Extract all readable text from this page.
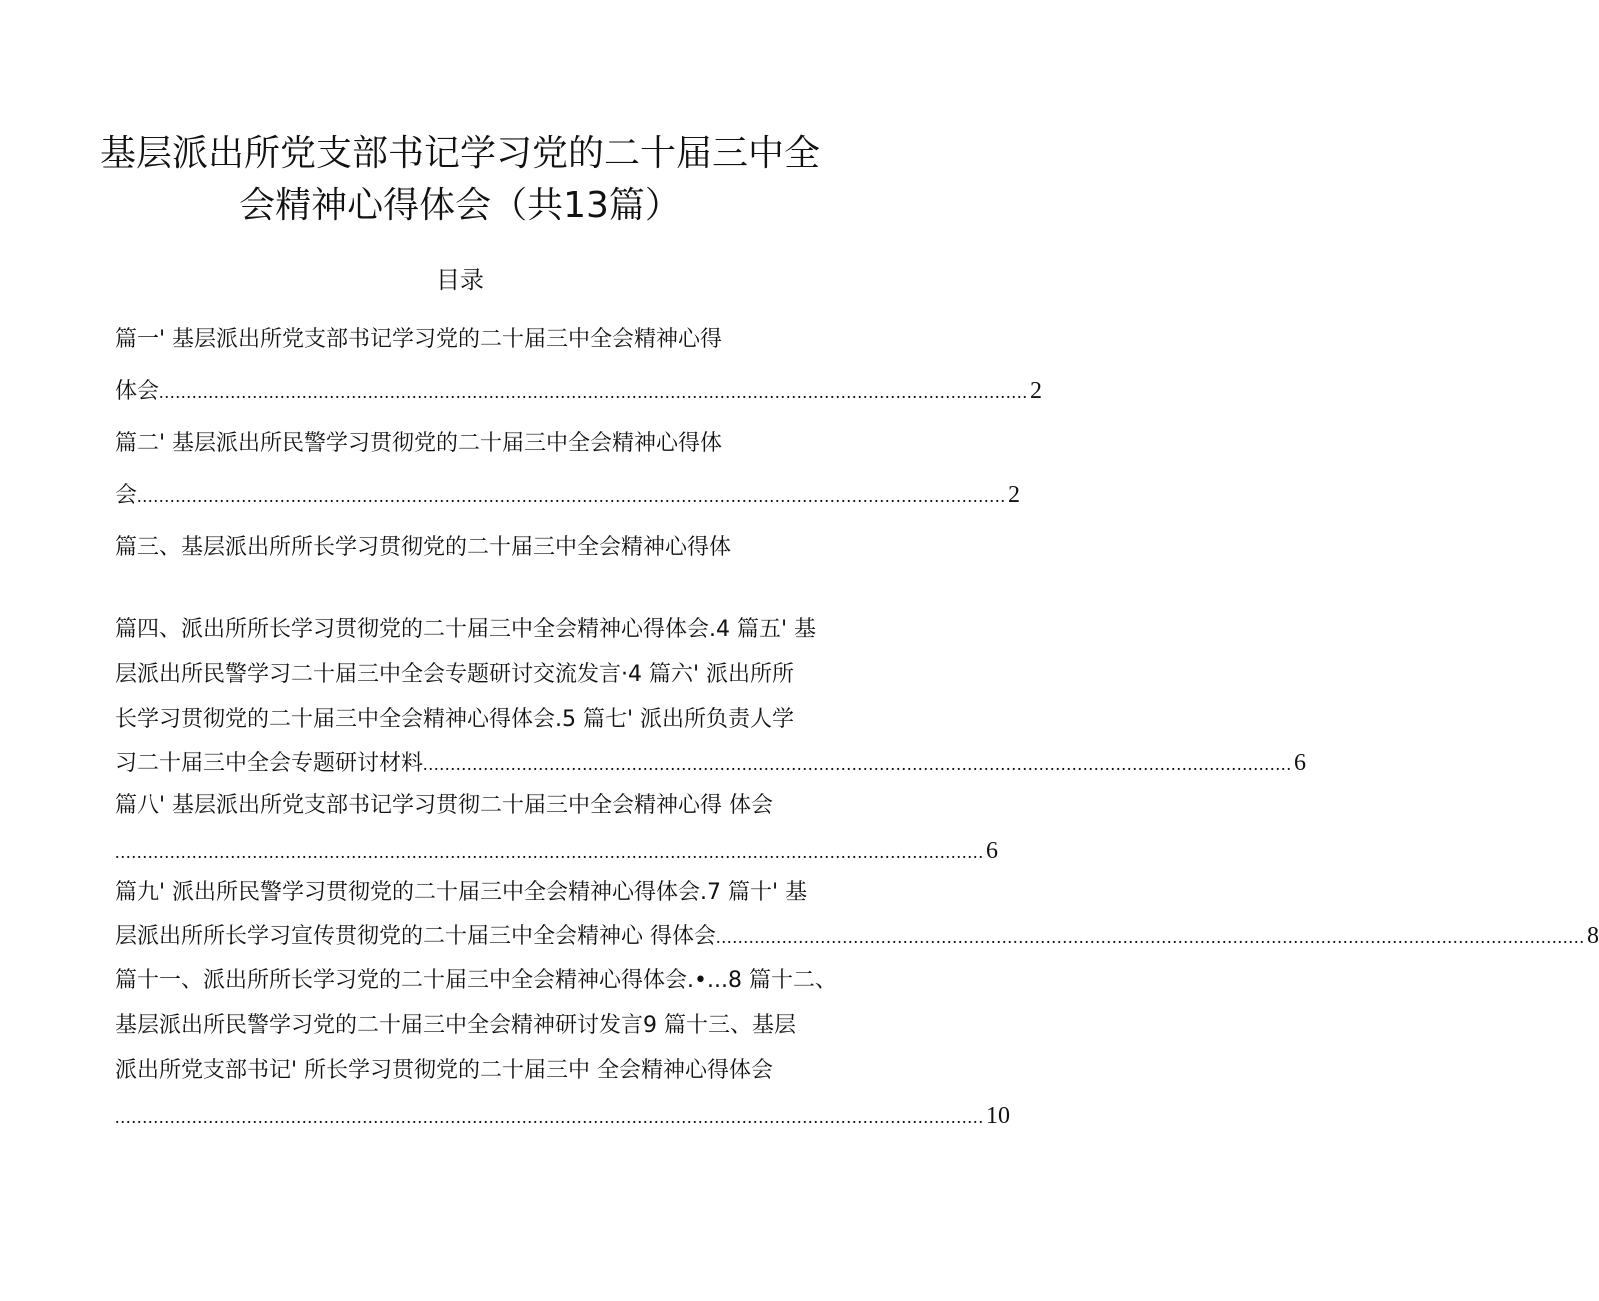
基层派出所党支部书记学习党的二十届三中全
会精神心得体会（共13篇）
目录
篇一' 基层派出所党支部书记学习党的二十届三中全会精神心得
体会 .............................................................................................................................................................. 2
篇二' 基层派出所民警学习贯彻党的二十届三中全会精神心得体
会 .............................................................................................................................................................. 2
篇三、基层派出所所长学习贯彻党的二十届三中全会精神心得体
篇四、派出所所长学习贯彻党的二十届三中全会精神心得体会.4 篇五' 基
层派出所民警学习二十届三中全会专题研讨交流发言·4 篇六' 派出所所
长学习贯彻党的二十届三中全会精神心得体会.5 篇七' 派出所负责人学
习二十届三中全会专题研讨材料 .............................................................................................................................................................. 6
篇八' 基层派出所党支部书记学习贯彻二十届三中全会精神心得 体会
.............................................................................................................................................................. 6
篇九' 派出所民警学习贯彻党的二十届三中全会精神心得体会.7 篇十' 基
层派出所所长学习宣传贯彻党的二十届三中全会精神心 得体会 .............................................................................................................................................................. 8
篇十一、派出所所长学习党的二十届三中全会精神心得体会.•...8 篇十二、
基层派出所民警学习党的二十届三中全会精神研讨发言9 篇十三、基层
派出所党支部书记' 所长学习贯彻党的二十届三中 全会精神心得体会
.............................................................................................................................................................. 10
